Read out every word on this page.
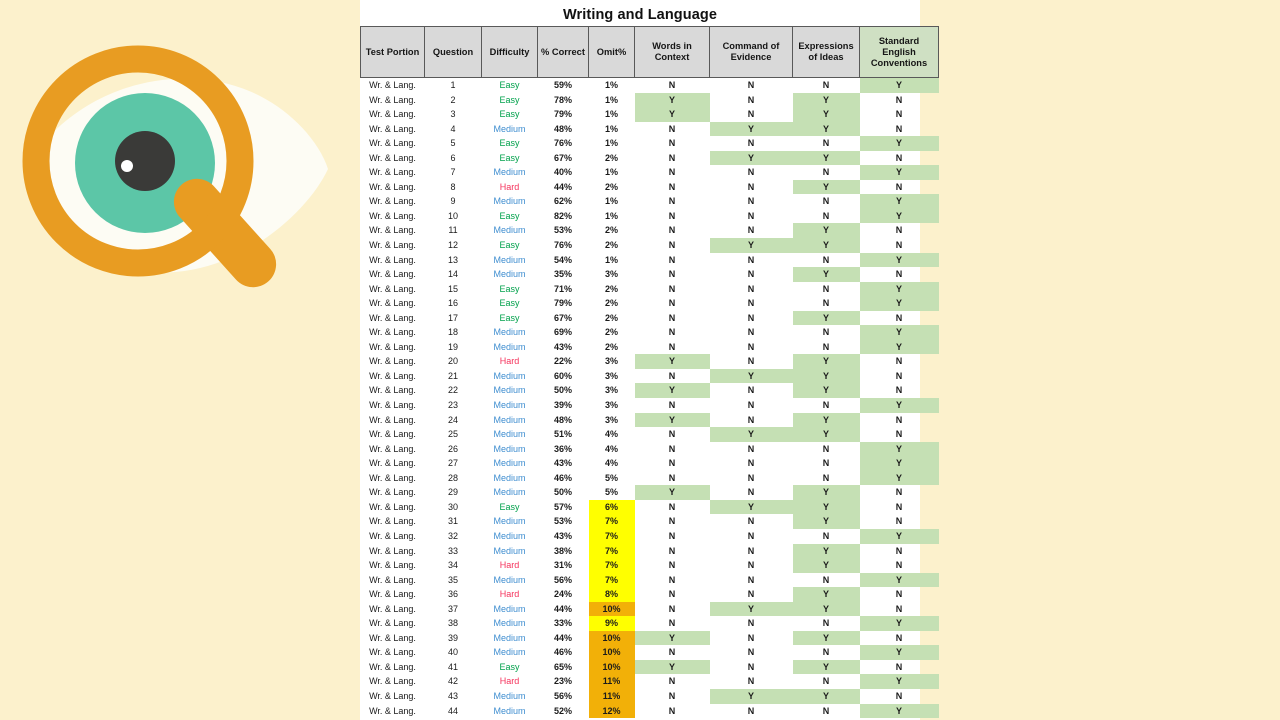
Writing and Language
Test Portion	Question	Difficulty	% Correct	Omit%	Words in Context	Command of Evidence	Expressions of Ideas	Standard English Conventions
Wr. & Lang.	1	Easy	59%	1%	N	N	N	Y
Wr. & Lang.	2	Easy	78%	1%	Y	N	Y	N
Wr. & Lang.	3	Easy	79%	1%	Y	N	Y	N
Wr. & Lang.	4	Medium	48%	1%	N	Y	Y	N
Wr. & Lang.	5	Easy	76%	1%	N	N	N	Y
Wr. & Lang.	6	Easy	67%	2%	N	Y	Y	N
Wr. & Lang.	7	Medium	40%	1%	N	N	N	Y
Wr. & Lang.	8	Hard	44%	2%	N	N	Y	N
Wr. & Lang.	9	Medium	62%	1%	N	N	N	Y
Wr. & Lang.	10	Easy	82%	1%	N	N	N	Y
Wr. & Lang.	11	Medium	53%	2%	N	N	Y	N
Wr. & Lang.	12	Easy	76%	2%	N	Y	Y	N
Wr. & Lang.	13	Medium	54%	1%	N	N	N	Y
Wr. & Lang.	14	Medium	35%	3%	N	N	Y	N
Wr. & Lang.	15	Easy	71%	2%	N	N	N	Y
Wr. & Lang.	16	Easy	79%	2%	N	N	N	Y
Wr. & Lang.	17	Easy	67%	2%	N	N	Y	N
Wr. & Lang.	18	Medium	69%	2%	N	N	N	Y
Wr. & Lang.	19	Medium	43%	2%	N	N	N	Y
Wr. & Lang.	20	Hard	22%	3%	Y	N	Y	N
Wr. & Lang.	21	Medium	60%	3%	N	Y	Y	N
Wr. & Lang.	22	Medium	50%	3%	Y	N	Y	N
Wr. & Lang.	23	Medium	39%	3%	N	N	N	Y
Wr. & Lang.	24	Medium	48%	3%	Y	N	Y	N
Wr. & Lang.	25	Medium	51%	4%	N	Y	Y	N
Wr. & Lang.	26	Medium	36%	4%	N	N	N	Y
Wr. & Lang.	27	Medium	43%	4%	N	N	N	Y
Wr. & Lang.	28	Medium	46%	5%	N	N	N	Y
Wr. & Lang.	29	Medium	50%	5%	Y	N	Y	N
Wr. & Lang.	30	Easy	57%	6%	N	Y	Y	N
Wr. & Lang.	31	Medium	53%	7%	N	N	Y	N
Wr. & Lang.	32	Medium	43%	7%	N	N	N	Y
Wr. & Lang.	33	Medium	38%	7%	N	N	Y	N
Wr. & Lang.	34	Hard	31%	7%	N	N	Y	N
Wr. & Lang.	35	Medium	56%	7%	N	N	N	Y
Wr. & Lang.	36	Hard	24%	8%	N	N	Y	N
Wr. & Lang.	37	Medium	44%	10%	N	Y	Y	N
Wr. & Lang.	38	Medium	33%	9%	N	N	N	Y
Wr. & Lang.	39	Medium	44%	10%	Y	N	Y	N
Wr. & Lang.	40	Medium	46%	10%	N	N	N	Y
Wr. & Lang.	41	Easy	65%	10%	Y	N	Y	N
Wr. & Lang.	42	Hard	23%	11%	N	N	N	Y
Wr. & Lang.	43	Medium	56%	11%	N	Y	Y	N
Wr. & Lang.	44	Medium	52%	12%	N	N	N	Y
